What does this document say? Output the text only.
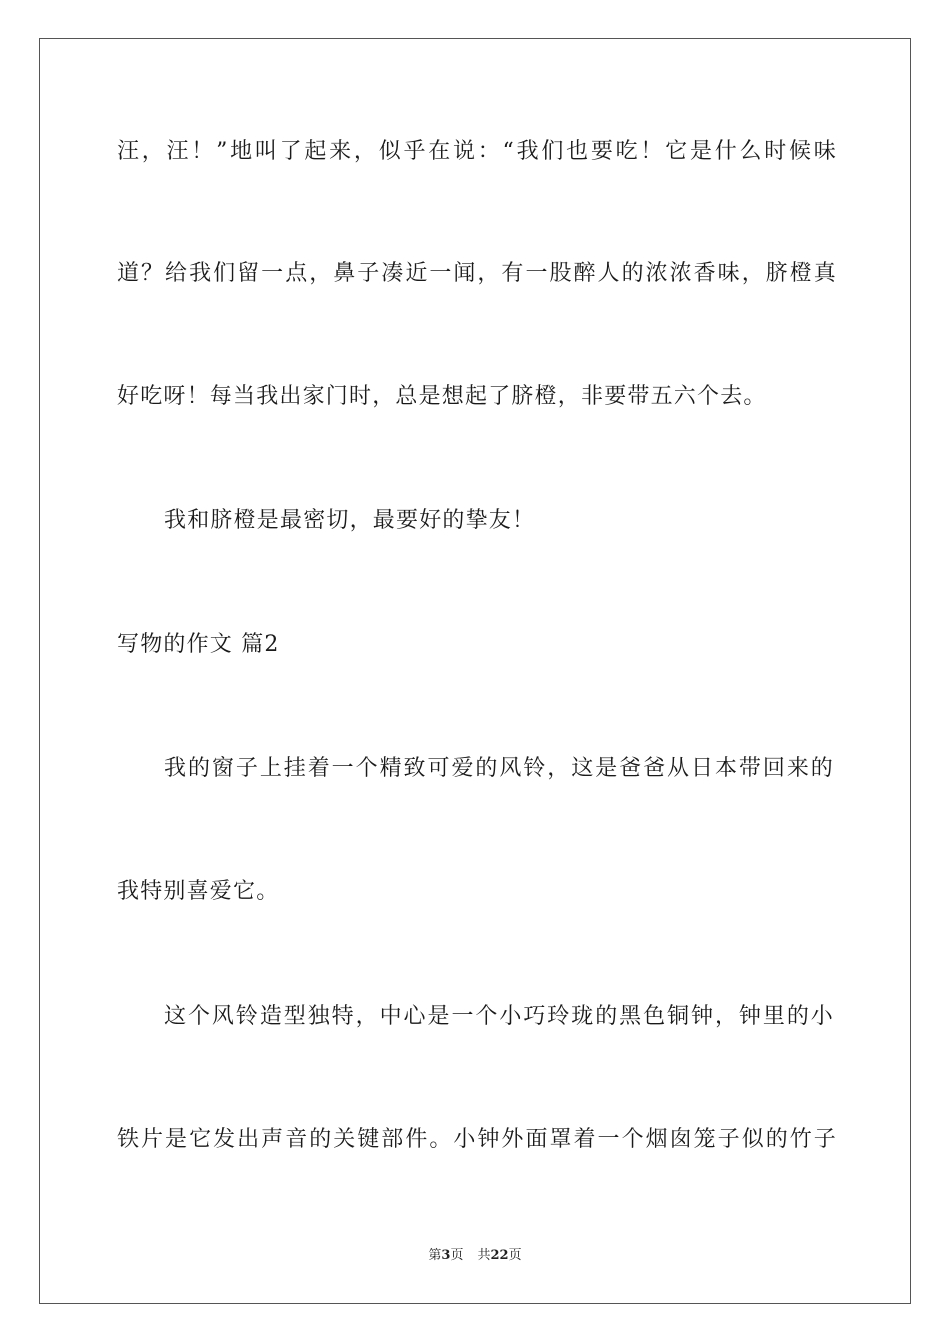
汪，汪！”地叫了起来，似乎在说：“我们也要吃！它是什么时候味
道？给我们留一点，鼻子凑近一闻，有一股醉人的浓浓香味，脐橙真
好吃呀！每当我出家门时，总是想起了脐橙，非要带五六个去。
我和脐橙是最密切，最要好的挚友！
写物的作文 篇2
我的窗子上挂着一个精致可爱的风铃，这是爸爸从日本带回来的
我特别喜爱它。
这个风铃造型独特，中心是一个小巧玲珑的黑色铜钟，钟里的小
铁片是它发出声音的关键部件。小钟外面罩着一个烟囱笼子似的竹子
第3页 共22页
